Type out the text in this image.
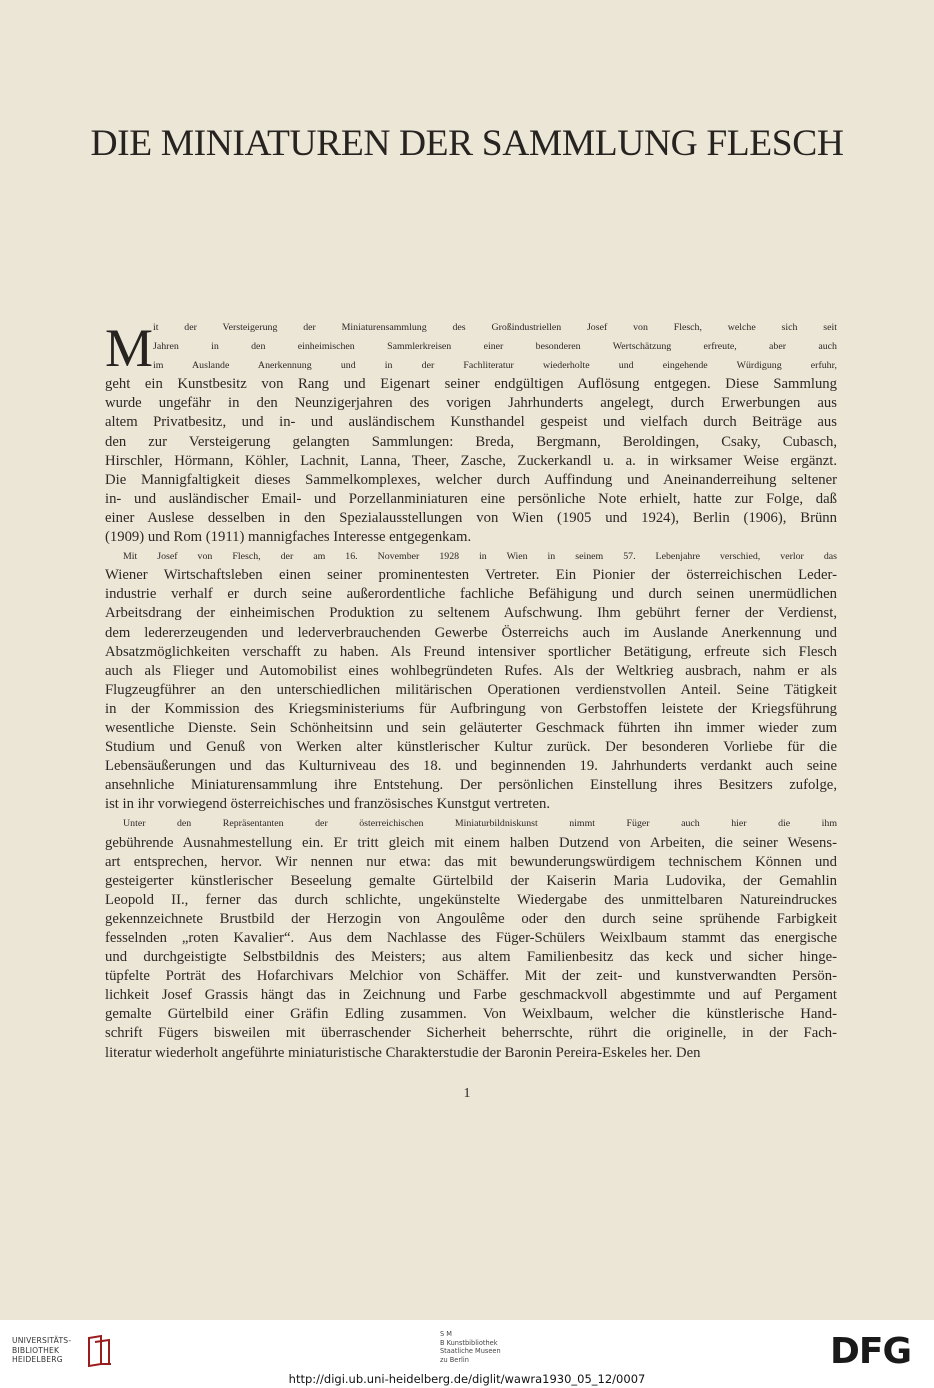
DIE MINIATUREN DER SAMMLUNG FLESCH
M it der Versteigerung der Miniaturensammlung des Großindustriellen Josef von Flesch, welche sich seit
Jahren in den einheimischen Sammlerkreisen einer besonderen Wertschätzung erfreute, aber auch
im Auslande Anerkennung und in der Fachliteratur wiederholte und eingehende Würdigung erfuhr,
geht ein Kunstbesitz von Rang und Eigenart seiner endgültigen Auflösung entgegen. Diese Sammlung
wurde ungefähr in den Neunzigerjahren des vorigen Jahrhunderts angelegt, durch Erwerbungen aus
altem Privatbesitz, und in- und ausländischem Kunsthandel gespeist und vielfach durch Beiträge aus
den zur Versteigerung gelangten Sammlungen: Breda, Bergmann, Beroldingen, Csaky, Cubasch,
Hirschler, Hörmann, Köhler, Lachnit, Lanna, Theer, Zasche, Zuckerkandl u. a. in wirksamer Weise ergänzt.
Die Mannigfaltigkeit dieses Sammelkomplexes, welcher durch Auffindung und Aneinanderreihung seltener
in- und ausländischer Email- und Porzellanminiaturen eine persönliche Note erhielt, hatte zur Folge, daß
einer Auslese desselben in den Spezialausstellungen von Wien (1905 und 1924), Berlin (1906), Brünn
(1909) und Rom (1911) mannigfaches Interesse entgegenkam.
Mit Josef von Flesch, der am 16. November 1928 in Wien in seinem 57. Lebenjahre verschied, verlor das
Wiener Wirtschaftsleben einen seiner prominentesten Vertreter. Ein Pionier der österreichischen Leder-
industrie verhalf er durch seine außerordentliche fachliche Befähigung und durch seinen unermüdlichen
Arbeitsdrang der einheimischen Produktion zu seltenem Aufschwung. Ihm gebührt ferner der Verdienst,
dem ledererzeugenden und lederverbrauchenden Gewerbe Österreichs auch im Auslande Anerkennung und
Absatzmöglichkeiten verschafft zu haben. Als Freund intensiver sportlicher Betätigung, erfreute sich Flesch
auch als Flieger und Automobilist eines wohlbegründeten Rufes. Als der Weltkrieg ausbrach, nahm er als
Flugzeugführer an den unterschiedlichen militärischen Operationen verdienstvollen Anteil. Seine Tätigkeit
in der Kommission des Kriegsministeriums für Aufbringung von Gerbstoffen leistete der Kriegsführung
wesentliche Dienste. Sein Schönheitsinn und sein geläuterter Geschmack führten ihn immer wieder zum
Studium und Genuß von Werken alter künstlerischer Kultur zurück. Der besonderen Vorliebe für die
Lebensäußerungen und das Kulturniveau des 18. und beginnenden 19. Jahrhunderts verdankt auch seine
ansehnliche Miniaturensammlung ihre Entstehung. Der persönlichen Einstellung ihres Besitzers zufolge,
ist in ihr vorwiegend österreichisches und französisches Kunstgut vertreten.
Unter den Repräsentanten der österreichischen Miniaturbildniskunst nimmt Füger auch hier die ihm
gebührende Ausnahmestellung ein. Er tritt gleich mit einem halben Dutzend von Arbeiten, die seiner Wesens-
art entsprechen, hervor. Wir nennen nur etwa: das mit bewunderungswürdigem technischem Können und
gesteigerter künstlerischer Beseelung gemalte Gürtelbild der Kaiserin Maria Ludovika, der Gemahlin
Leopold II., ferner das durch schlichte, ungekünstelte Wiedergabe des unmittelbaren Natureindruckes
gekennzeichnete Brustbild der Herzogin von Angoulême oder den durch seine sprühende Farbigkeit
fesselnden „roten Kavalier“. Aus dem Nachlasse des Füger-Schülers Weixlbaum stammt das energische
und durchgeistigte Selbstbildnis des Meisters; aus altem Familienbesitz das keck und sicher hinge-
tüpfelte Porträt des Hofarchivars Melchior von Schäffer. Mit der zeit- und kunstverwandten Persön-
lichkeit Josef Grassis hängt das in Zeichnung und Farbe geschmackvoll abgestimmte und auf Pergament
gemalte Gürtelbild einer Gräfin Edling zusammen. Von Weixlbaum, welcher die künstlerische Hand-
schrift Fügers bisweilen mit überraschender Sicherheit beherrschte, rührt die originelle, in der Fach-
literatur wiederholt angeführte miniaturistische Charakterstudie der Baronin Pereira-Eskeles her. Den
1
UNIVERSITÄTS-
BIBLIOTHEK
HEIDELBERG
S M
B Kunstbibliothek
Staatliche Museen
zu Berlin	DFG
http://digi.ub.uni-heidelberg.de/diglit/wawra1930_05_12/0007
